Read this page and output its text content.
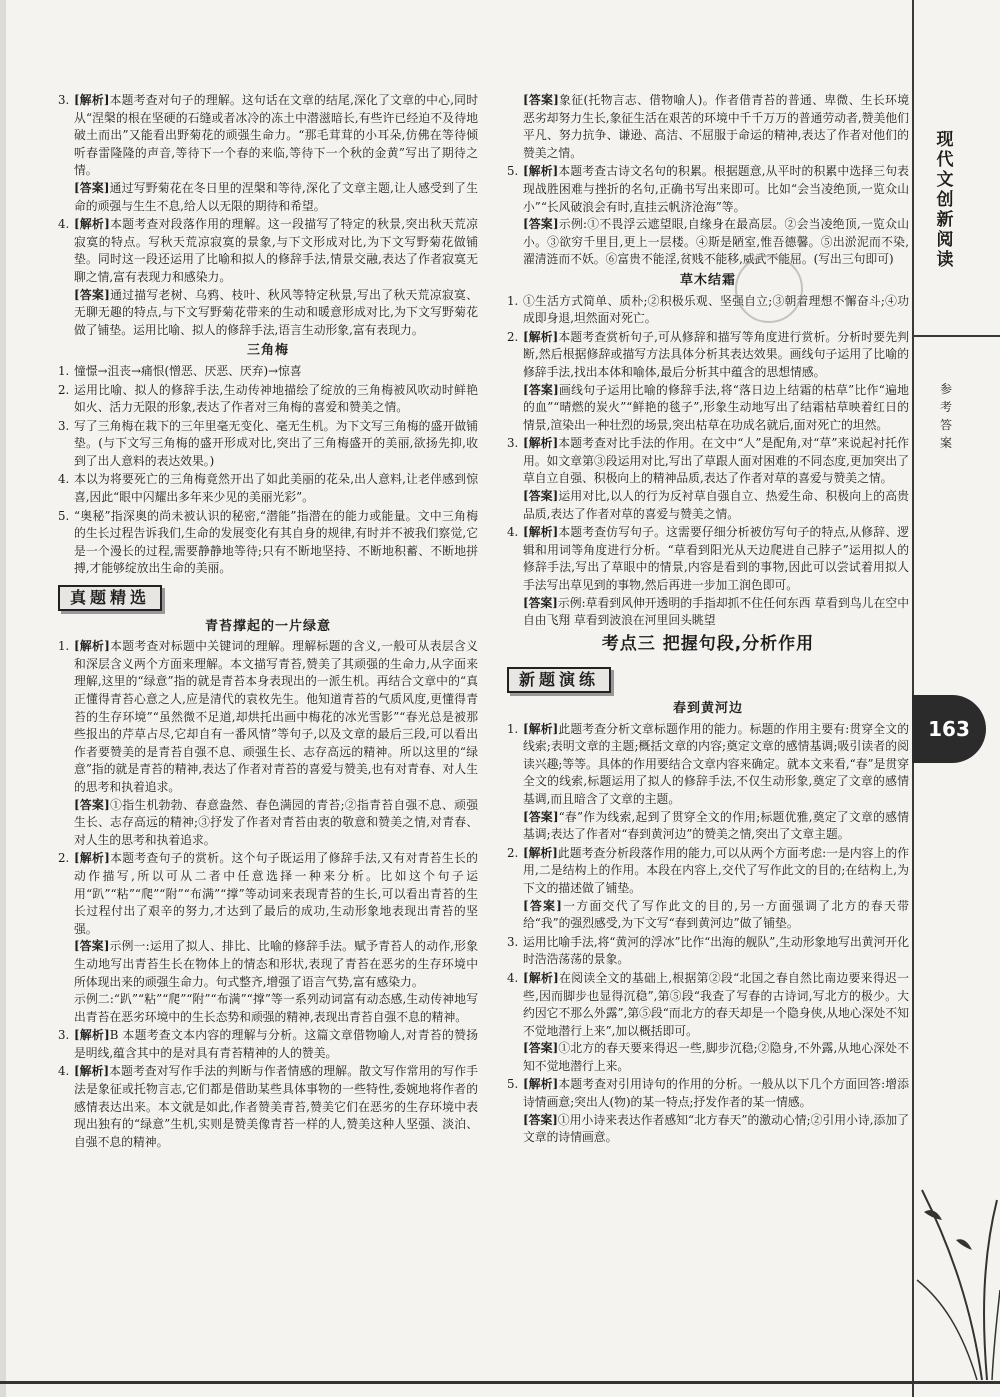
3. [解析]本题考查对句子的理解。这句话在文章的结尾,深化了文章的中心,同时从“涅槃的根在坚硬的石缝或者冰冷的冻土中潜滋暗长,有些许已经迫不及待地破土而出”又能看出野菊花的顽强生命力。“那毛茸茸的小耳朵,仿佛在等待倾听春雷隆隆的声音,等待下一个春的来临,等待下一个秋的金黄”写出了期待之情。
[答案]通过写野菊花在冬日里的涅槃和等待,深化了文章主题,让人感受到了生命的顽强与生生不息,给人以无限的期待和希望。
4. [解析]本题考查对段落作用的理解。这一段描写了特定的秋景,突出秋天荒凉寂寞的特点。写秋天荒凉寂寞的景象,与下文形成对比,为下文写野菊花做铺垫。同时这一段还运用了比喻和拟人的修辞手法,情景交融,表达了作者寂寞无聊之情,富有表现力和感染力。
[答案]通过描写老树、乌鸦、枝叶、秋风等特定秋景,写出了秋天荒凉寂寞、无聊无趣的特点,与下文写野菊花带来的生动和暖意形成对比,为下文写野菊花做了铺垫。运用比喻、拟人的修辞手法,语言生动形象,富有表现力。
三角梅
1. 憧憬→沮丧→痛恨(憎恶、厌恶、厌弃)→惊喜
2. 运用比喻、拟人的修辞手法,生动传神地描绘了绽放的三角梅被风吹动时鲜艳如火、活力无限的形象,表达了作者对三角梅的喜爱和赞美之情。
3. 写了三角梅在栽下的三年里毫无变化、毫无生机。为下文写三角梅的盛开做铺垫。(与下文写三角梅的盛开形成对比,突出了三角梅盛开的美丽,欲扬先抑,收到了出人意料的表达效果。)
4. 本以为将要死亡的三角梅竟然开出了如此美丽的花朵,出人意料,让老伴感到惊喜,因此“眼中闪耀出多年来少见的美丽光彩”。
5. “奥秘”指深奥的尚未被认识的秘密,“潜能”指潜在的能力或能量。文中三角梅的生长过程告诉我们,生命的发展变化有其自身的规律,有时并不被我们察觉,它是一个漫长的过程,需要静静地等待;只有不断地坚持、不断地积蓄、不断地拼搏,才能够绽放出生命的美丽。
真题精选
青苔撑起的一片绿意
1. [解析]本题考查对标题中关键词的理解。理解标题的含义,一般可从表层含义和深层含义两个方面来理解。本文描写青苔,赞美了其顽强的生命力,从字面来理解,这里的“绿意”指的就是青苔本身表现出的一派生机。再结合文章中的“真正懂得青苔心意之人,应是清代的袁枚先生。他知道青苔的气质风度,更懂得青苔的生存环境”“虽然微不足道,却烘托出画中梅花的冰光雪影”“春光总是被那些报出的芹草占尽,它却自有一番风情”等句子,以及文章的最后三段,可以看出作者要赞美的是青苔自强不息、顽强生长、志存高远的精神。所以这里的“绿意”指的就是青苔的精神,表达了作者对青苔的喜爱与赞美,也有对青春、对人生的思考和执着追求。
[答案]①指生机勃勃、春意盎然、春色满园的青苔;②指青苔自强不息、顽强生长、志存高远的精神;③抒发了作者对青苔由衷的敬意和赞美之情,对青春、对人生的思考和执着追求。
2. [解析]本题考查句子的赏析。这个句子既运用了修辞手法,又有对青苔生长的动作描写,所以可从二者中任意选择一种来分析。比如这个句子运用“趴”“粘”“爬”“附”“布满”“撑”等动词来表现青苔的生长,可以看出青苔的生长过程付出了艰辛的努力,才达到了最后的成功,生动形象地表现出青苔的坚强。
[答案]示例一:运用了拟人、排比、比喻的修辞手法。赋予青苔人的动作,形象生动地写出青苔生长在物体上的情态和形状,表现了青苔在恶劣的生存环境中所体现出来的顽强生命力。句式整齐,增强了语言气势,富有感染力。
示例二:“趴”“粘”“爬”“附”“布满”“撑”等一系列动词富有动态感,生动传神地写出青苔在恶劣环境中的生长态势和顽强的精神,表现出青苔自强不息的精神。
3. [解析]B 本题考查文本内容的理解与分析。这篇文章借物喻人,对青苔的赞扬是明线,蕴含其中的是对具有青苔精神的人的赞美。
4. [解析]本题考查对写作手法的判断与作者情感的理解。散文写作常用的写作手法是象征或托物言志,它们都是借助某些具体事物的一些特性,委婉地将作者的感情表达出来。本文就是如此,作者赞美青苔,赞美它们在恶劣的生存环境中表现出独有的“绿意”生机,实则是赞美像青苔一样的人,赞美这种人坚强、淡泊、自强不息的精神。
[答案]象征(托物言志、借物喻人)。作者借青苔的普通、卑微、生长环境恶劣却努力生长,象征生活在艰苦的环境中千千万万的普通劳动者,赞美他们平凡、努力抗争、谦逊、高洁、不屈服于命运的精神,表达了作者对他们的赞美之情。
5. [解析]本题考查古诗文名句的积累。根据题意,从平时的积累中选择三句表现战胜困难与挫折的名句,正确书写出来即可。比如“会当凌绝顶,一览众山小”“长风破浪会有时,直挂云帆济沧海”等。
[答案]示例:①不畏浮云遮望眼,自缘身在最高层。②会当凌绝顶,一览众山小。③欲穷千里目,更上一层楼。④斯是陋室,惟吾德馨。⑤出淤泥而不染,濯清涟而不妖。⑥富贵不能淫,贫贱不能移,威武不能屈。(写出三句即可)
草木结霜
1. ①生活方式简单、质朴;②积极乐观、坚强自立;③朝着理想不懈奋斗;④功成即身退,坦然面对死亡。
2. [解析]本题考查赏析句子,可从修辞和描写等角度进行赏析。分析时要先判断,然后根据修辞或描写方法具体分析其表达效果。画线句子运用了比喻的修辞手法,找出本体和喻体,最后分析其中蕴含的思想情感。
[答案]画线句子运用比喻的修辞手法,将“落日边上结霜的枯草”比作“遍地的血”“晴燃的炭火”“鲜艳的毯子”,形象生动地写出了结霜枯草映着红日的情景,渲染出一种壮烈的场景,突出枯草在功成名就后,面对死亡的坦然。
3. [解析]本题考查对比手法的作用。在文中“人”是配角,对“草”来说起衬托作用。如文章第③段运用对比,写出了草跟人面对困难的不同态度,更加突出了草自立自强、积极向上的精神品质,表达了作者对草的喜爱与赞美之情。
[答案]运用对比,以人的行为反衬草自强自立、热爱生命、积极向上的高贵品质,表达了作者对草的喜爱与赞美之情。
4. [解析]本题考查仿写句子。这需要仔细分析被仿写句子的特点,从修辞、逻辑和用词等角度进行分析。“草看到阳光从天边爬进自己脖子”运用拟人的修辞手法,写出了草眼中的情景,内容是看到的事物,因此可以尝试着用拟人手法写出草见到的事物,然后再进一步加工润色即可。
[答案]示例:草看到风伸开透明的手指却抓不住任何东西 草看到鸟儿在空中自由飞翔 草看到波浪在河里回头眺望
考点三 把握句段,分析作用
新题演练
春到黄河边
1. [解析]此题考查分析文章标题作用的能力。标题的作用主要有:贯穿全文的线索;表明文章的主题;概括文章的内容;奠定文章的感情基调;吸引读者的阅读兴趣;等等。具体的作用要结合文章内容来确定。就本文来看,“春”是贯穿全文的线索,标题运用了拟人的修辞手法,不仅生动形象,奠定了文章的感情基调,而且暗含了文章的主题。
[答案]“春”作为线索,起到了贯穿全文的作用;标题优雅,奠定了文章的感情基调;表达了作者对“春到黄河边”的赞美之情,突出了文章主题。
2. [解析]此题考查分析段落作用的能力,可以从两个方面考虑:一是内容上的作用,二是结构上的作用。本段在内容上,交代了写作此文的目的;在结构上,为下文的描述做了铺垫。
[答案]一方面交代了写作此文的目的,另一方面强调了北方的春天带给“我”的强烈感受,为下文写“春到黄河边”做了铺垫。
3. 运用比喻手法,将“黄河的浮冰”比作“出海的舰队”,生动形象地写出黄河开化时浩浩荡荡的景象。
4. [解析]在阅读全文的基础上,根据第②段“北国之春自然比南边要来得迟一些,因而脚步也显得沉稳”,第⑤段“我查了写春的古诗词,写北方的极少。大约因它不那么外露”,第⑤段“而北方的春天却是一个隐身侠,从地心深处不知不觉地潜行上来”,加以概括即可。
[答案]①北方的春天要来得迟一些,脚步沉稳;②隐身,不外露,从地心深处不知不觉地潜行上来。
5. [解析]本题考查对引用诗句的作用的分析。一般从以下几个方面回答:增添诗情画意;突出人(物)的某一特点;抒发作者的某一情感。
[答案]①用小诗来表达作者感知“北方春天”的激动心情;②引用小诗,添加了文章的诗情画意。
现代文创新阅读
参考答案
163
